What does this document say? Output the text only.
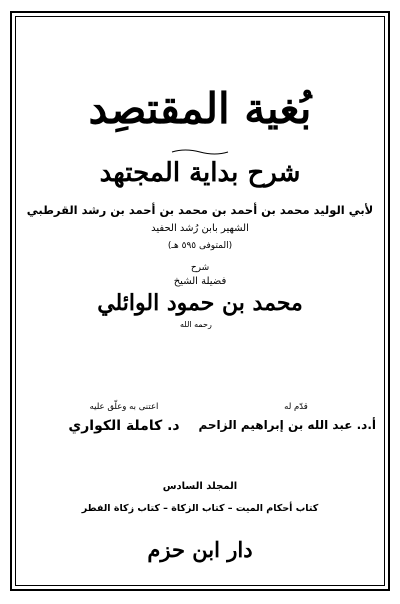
بُغية المقتصِد
شرح بداية المجتهد
لأبي الوليد محمد بن أحمد بن محمد بن أحمد بن رشد القرطبي
الشهير بابن رُشد الحفيد
(المتوفى ٥٩٥ هـ)
شرح
فضيلة الشيخ
محمد بن حمود الوائلي
رحمه الله
قدّم له
أ.د. عبد الله بن إبراهيم الزاحم
اعتنى به وعلّق عليه
د. كاملة الكواري
المجلد السادس
كتاب أحكام الميت – كتاب الزكاة – كتاب زكاة الفطر
دار ابن حزم
